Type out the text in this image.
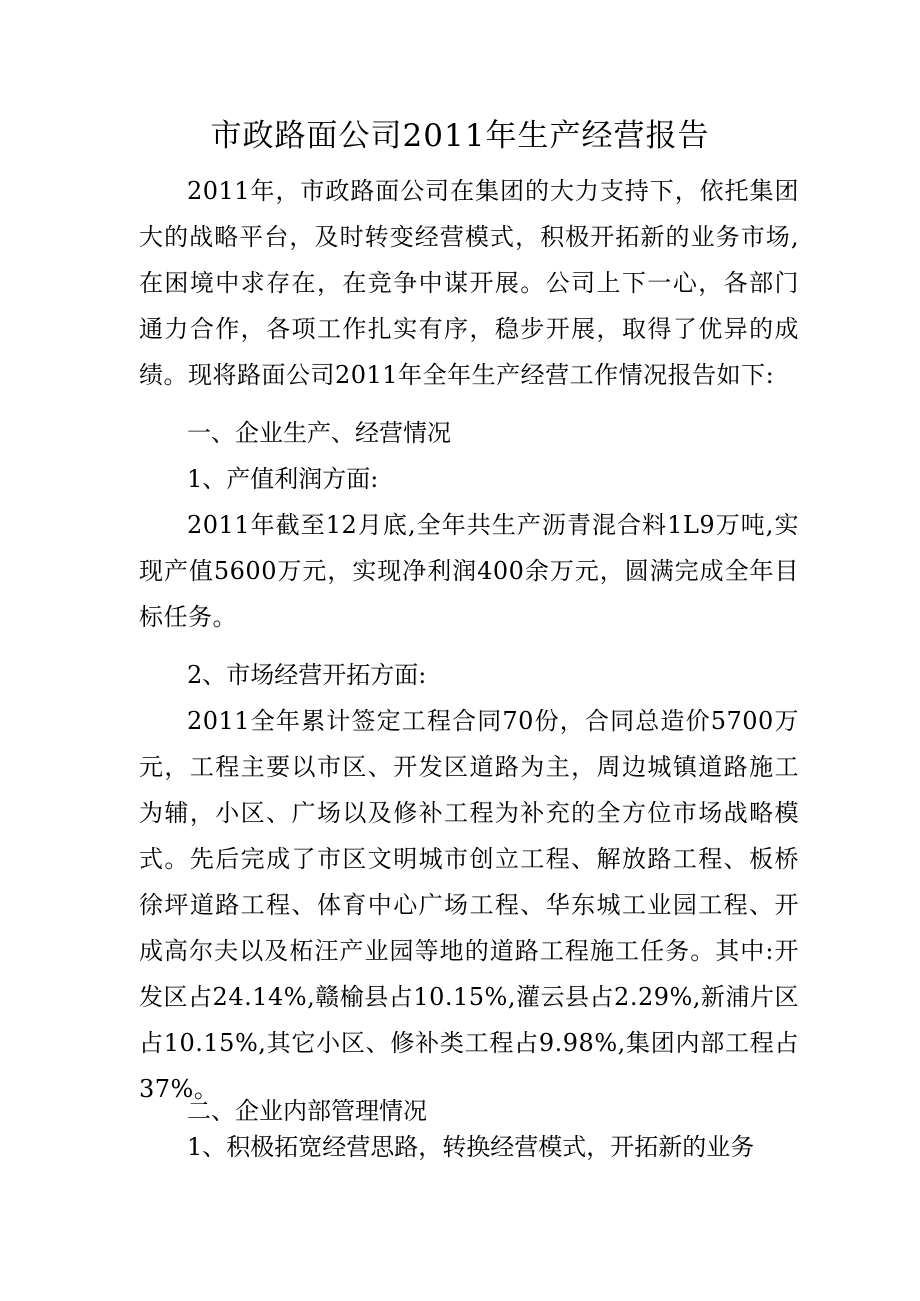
市政路面公司2011年生产经营报告

2011年，市政路面公司在集团的大力支持下，依托集团大的战略平台，及时转变经营模式，积极开拓新的业务市场,在困境中求存在，在竞争中谋开展。公司上下一心，各部门通力合作，各项工作扎实有序，稳步开展，取得了优异的成绩。现将路面公司2011年全年生产经营工作情况报告如下:

一、企业生产、经营情况
1、产值利润方面:

2011年截至12月底,全年共生产沥青混合料1L9万吨,实现产值5600万元，实现净利润400余万元，圆满完成全年目标任务。

2、市场经营开拓方面:

2011全年累计签定工程合同70份，合同总造价5700万元，工程主要以市区、开发区道路为主，周边城镇道路施工为辅，小区、广场以及修补工程为补充的全方位市场战略模式。先后完成了市区文明城市创立工程、解放路工程、板桥徐坪道路工程、体育中心广场工程、华东城工业园工程、开成高尔夫以及柘汪产业园等地的道路工程施工任务。其中:开发区占24.14%,赣榆县占10.15%,灌云县占2.29%,新浦片区占10.15%,其它小区、修补类工程占9.98%,集团内部工程占37%。

二、企业内部管理情况
1、积极拓宽经营思路，转换经营模式，开拓新的业务
